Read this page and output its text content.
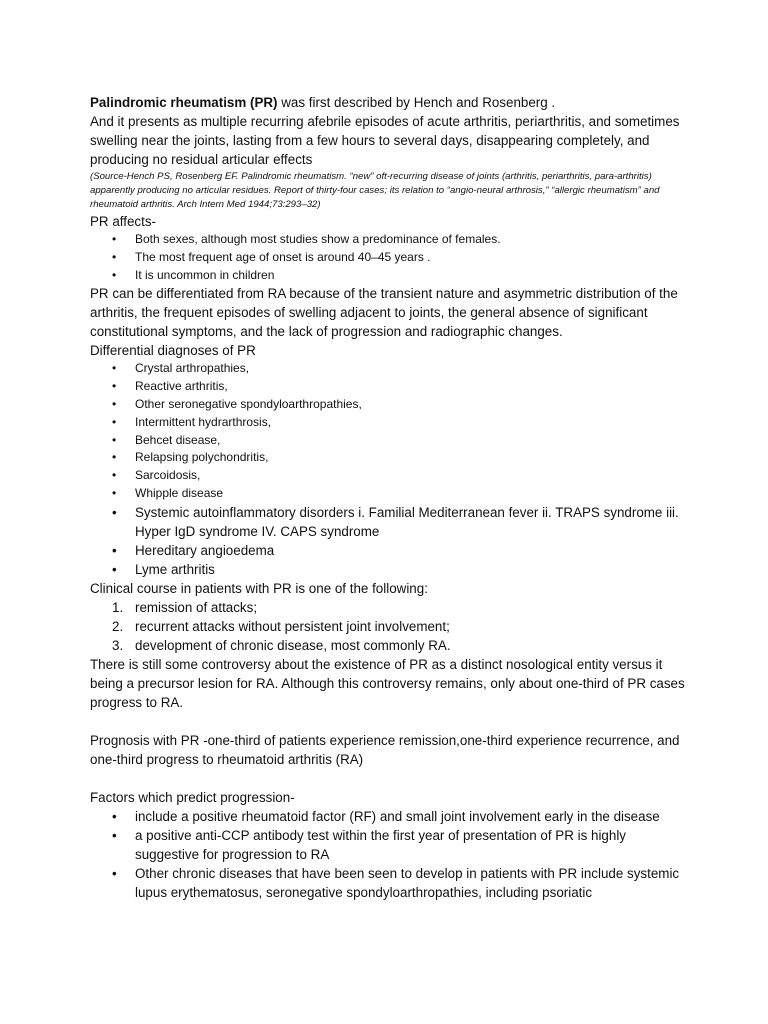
Palindromic rheumatism (PR) was first described by Hench and Rosenberg .

And it presents as multiple recurring afebrile episodes of acute arthritis, periarthritis, and sometimes swelling near the joints, lasting from a few hours to several days, disappearing completely, and producing no residual articular effects

(Source-Hench PS, Rosenberg EF. Palindromic rheumatism. “new” oft-recurring disease of joints (arthritis, periarthritis, para-arthritis) apparently producing no articular residues. Report of thirty-four cases; its relation to “angio-neural arthrosis,” “allergic rheumatism” and rheumatoid arthritis. Arch Intern Med 1944;73:293–32)

PR affects-

• Both sexes, although most studies show a predominance of females.
• The most frequent age of onset is around 40–45 years .
• It is uncommon in children

PR can be differentiated from RA because of the transient nature and asymmetric distribution of the arthritis, the frequent episodes of swelling adjacent to joints, the general absence of significant constitutional symptoms, and the lack of progression and radiographic changes.

Differential diagnoses of PR

• Crystal arthropathies,
• Reactive arthritis,
• Other seronegative spondyloarthropathies,
• Intermittent hydrarthrosis,
• Behcet disease,
• Relapsing polychondritis,
• Sarcoidosis,
• Whipple disease
• Systemic autoinflammatory disorders i. Familial Mediterranean fever ii. TRAPS syndrome iii. Hyper IgD syndrome IV. CAPS syndrome
• Hereditary angioedema
• Lyme arthritis

Clinical course in patients with PR is one of the following:

1. remission of attacks;
2. recurrent attacks without persistent joint involvement;
3. development of chronic disease, most commonly RA.

There is still some controversy about the existence of PR as a distinct nosological entity versus it being a precursor lesion for RA. Although this controversy remains, only about one-third of PR cases progress to RA.

Prognosis with PR -one-third of patients experience remission,one-third experience recurrence, and one-third progress to rheumatoid arthritis (RA)

Factors which predict progression-

• include a positive rheumatoid factor (RF) and small joint involvement early in the disease
• a positive anti-CCP antibody test within the first year of presentation of PR is highly suggestive for progression to RA
• Other chronic diseases that have been seen to develop in patients with PR include systemic lupus erythematosus, seronegative spondyloarthropathies, including psoriatic
